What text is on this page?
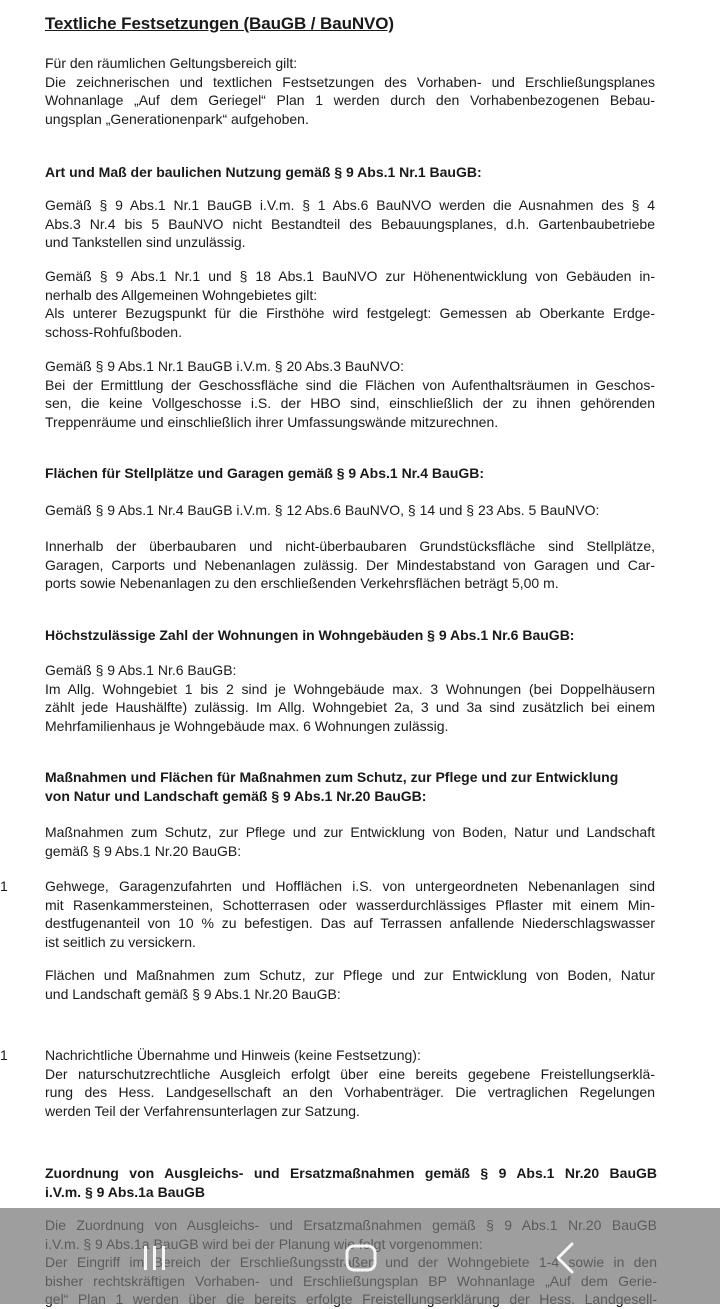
Textliche Festsetzungen (BauGB / BauNVO)
Für den räumlichen Geltungsbereich gilt:
Die zeichnerischen und textlichen Festsetzungen des Vorhaben- und Erschließungsplanes
Wohnanlage „Auf dem Geriegel“ Plan 1 werden durch den Vorhabenbezogenen Bebau-
ungsplan „Generationenpark“ aufgehoben.
Art und Maß der baulichen Nutzung gemäß § 9 Abs.1 Nr.1 BauGB:
Gemäß § 9 Abs.1 Nr.1 BauGB i.V.m. § 1 Abs.6 BauNVO werden die Ausnahmen des § 4
Abs.3 Nr.4 bis 5 BauNVO nicht Bestandteil des Bebauungsplanes, d.h. Gartenbaubetriebe
und Tankstellen sind unzulässig.
Gemäß § 9 Abs.1 Nr.1 und § 18 Abs.1 BauNVO zur Höhenentwicklung von Gebäuden in-
nerhalb des Allgemeinen Wohngebietes gilt:
Als unterer Bezugspunkt für die Firsthöhe wird festgelegt: Gemessen ab Oberkante Erdge-
schoss-Rohfußboden.
Gemäß § 9 Abs.1 Nr.1 BauGB i.V.m. § 20 Abs.3 BauNVO:
Bei der Ermittlung der Geschossfläche sind die Flächen von Aufenthaltsräumen in Geschos-
sen, die keine Vollgeschosse i.S. der HBO sind, einschließlich der zu ihnen gehörenden
Treppenräume und einschließlich ihrer Umfassungswände mitzurechnen.
Flächen für Stellplätze und Garagen gemäß § 9 Abs.1 Nr.4 BauGB:
Gemäß § 9 Abs.1 Nr.4 BauGB i.V.m. § 12 Abs.6 BauNVO, § 14 und § 23 Abs. 5 BauNVO:
Innerhalb der überbaubaren und nicht-überbaubaren Grundstücksfläche sind Stellplätze,
Garagen, Carports und Nebenanlagen zulässig. Der Mindestabstand von Garagen und Car-
ports sowie Nebenanlagen zu den erschließenden Verkehrsflächen beträgt 5,00 m.
Höchstzulässige Zahl der Wohnungen in Wohngebäuden § 9 Abs.1 Nr.6 BauGB:
Gemäß § 9 Abs.1 Nr.6 BauGB:
Im Allg. Wohngebiet 1 bis 2 sind je Wohngebäude max. 3 Wohnungen (bei Doppelhäusern
zählt jede Haushälfte) zulässig. Im Allg. Wohngebiet 2a, 3 und 3a sind zusätzlich bei einem
Mehrfamilienhaus je Wohngebäude max. 6 Wohnungen zulässig.
Maßnahmen und Flächen für Maßnahmen zum Schutz, zur Pflege und zur Entwicklung
von Natur und Landschaft gemäß § 9 Abs.1 Nr.20 BauGB:
Maßnahmen zum Schutz, zur Pflege und zur Entwicklung von Boden, Natur und Landschaft
gemäß § 9 Abs.1 Nr.20 BauGB:
1	Gehwege, Garagenzufahrten und Hofflächen i.S. von untergeordneten Nebenanlagen sind
mit Rasenkammersteinen, Schotterrasen oder wasserdurchlässiges Pflaster mit einem Min-
destfugenanteil von 10 % zu befestigen. Das auf Terrassen anfallende Niederschlagswasser
ist seitlich zu versickern.
Flächen und Maßnahmen zum Schutz, zur Pflege und zur Entwicklung von Boden, Natur
und Landschaft gemäß § 9 Abs.1 Nr.20 BauGB:
1	Nachrichtliche Übernahme und Hinweis (keine Festsetzung):
Der naturschutzrechtliche Ausgleich erfolgt über eine bereits gegebene Freistellungserklä-
rung des Hess. Landgesellschaft an den Vorhabenträger. Die vertraglichen Regelungen
werden Teil der Verfahrensunterlagen zur Satzung.
Zuordnung von Ausgleichs- und Ersatzmaßnahmen gemäß § 9 Abs.1 Nr.20 BauGB
i.V.m. § 9 Abs.1a BauGB
